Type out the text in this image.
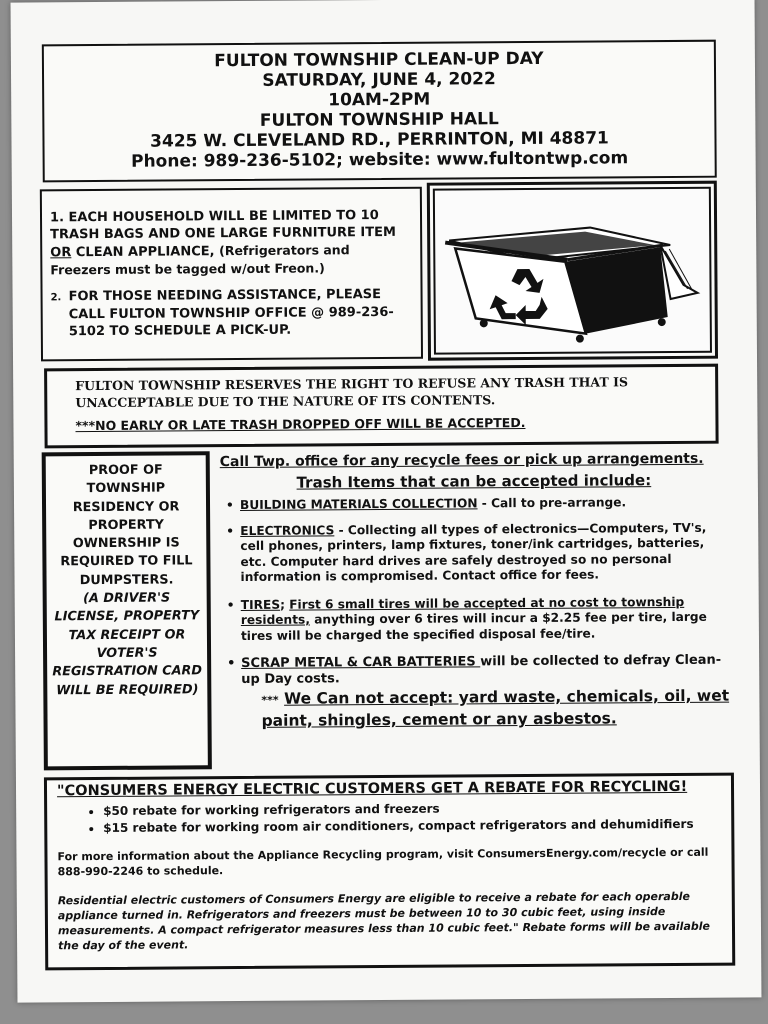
FULTON TOWNSHIP CLEAN-UP DAY
SATURDAY, JUNE 4, 2022
10AM-2PM
FULTON TOWNSHIP HALL
3425 W. CLEVELAND RD., PERRINTON, MI 48871
Phone: 989-236-5102; website: www.fultontwp.com

1. EACH HOUSEHOLD WILL BE LIMITED TO 10 TRASH BAGS AND ONE LARGE FURNITURE ITEM OR CLEAN APPLIANCE, (Refrigerators and Freezers must be tagged w/out Freon.)

2. FOR THOSE NEEDING ASSISTANCE, PLEASE CALL FULTON TOWNSHIP OFFICE @ 989-236-5102 TO SCHEDULE A PICK-UP.

FULTON TOWNSHIP RESERVES THE RIGHT TO REFUSE ANY TRASH THAT IS UNACCEPTABLE DUE TO THE NATURE OF ITS CONTENTS.
***NO EARLY OR LATE TRASH DROPPED OFF WILL BE ACCEPTED.
PROOF OF TOWNSHIP RESIDENCY OR PROPERTY OWNERSHIP IS REQUIRED TO FILL DUMPSTERS.
(A DRIVER'S LICENSE, PROPERTY TAX RECEIPT OR VOTER'S REGISTRATION CARD WILL BE REQUIRED)
Call Twp. office for any recycle fees or pick up arrangements.
Trash Items that can be accepted include:
• BUILDING MATERIALS COLLECTION - Call to pre-arrange.
• ELECTRONICS - Collecting all types of electronics—Computers, TV's, cell phones, printers, lamp fixtures, toner/ink cartridges, batteries, etc. Computer hard drives are safely destroyed so no personal information is compromised. Contact office for fees.
• TIRES; First 6 small tires will be accepted at no cost to township residents, anything over 6 tires will incur a $2.25 fee per tire, large tires will be charged the specified disposal fee/tire.
• SCRAP METAL & CAR BATTERIES will be collected to defray Clean-up Day costs.
*** We Can not accept: yard waste, chemicals, oil, wet paint, shingles, cement or any asbestos.
"CONSUMERS ENERGY ELECTRIC CUSTOMERS GET A REBATE FOR RECYCLING!
• $50 rebate for working refrigerators and freezers
• $15 rebate for working room air conditioners, compact refrigerators and dehumidifiers
For more information about the Appliance Recycling program, visit ConsumersEnergy.com/recycle or call 888-990-2246 to schedule.
Residential electric customers of Consumers Energy are eligible to receive a rebate for each operable appliance turned in. Refrigerators and freezers must be between 10 to 30 cubic feet, using inside measurements. A compact refrigerator measures less than 10 cubic feet." Rebate forms will be available the day of the event.
